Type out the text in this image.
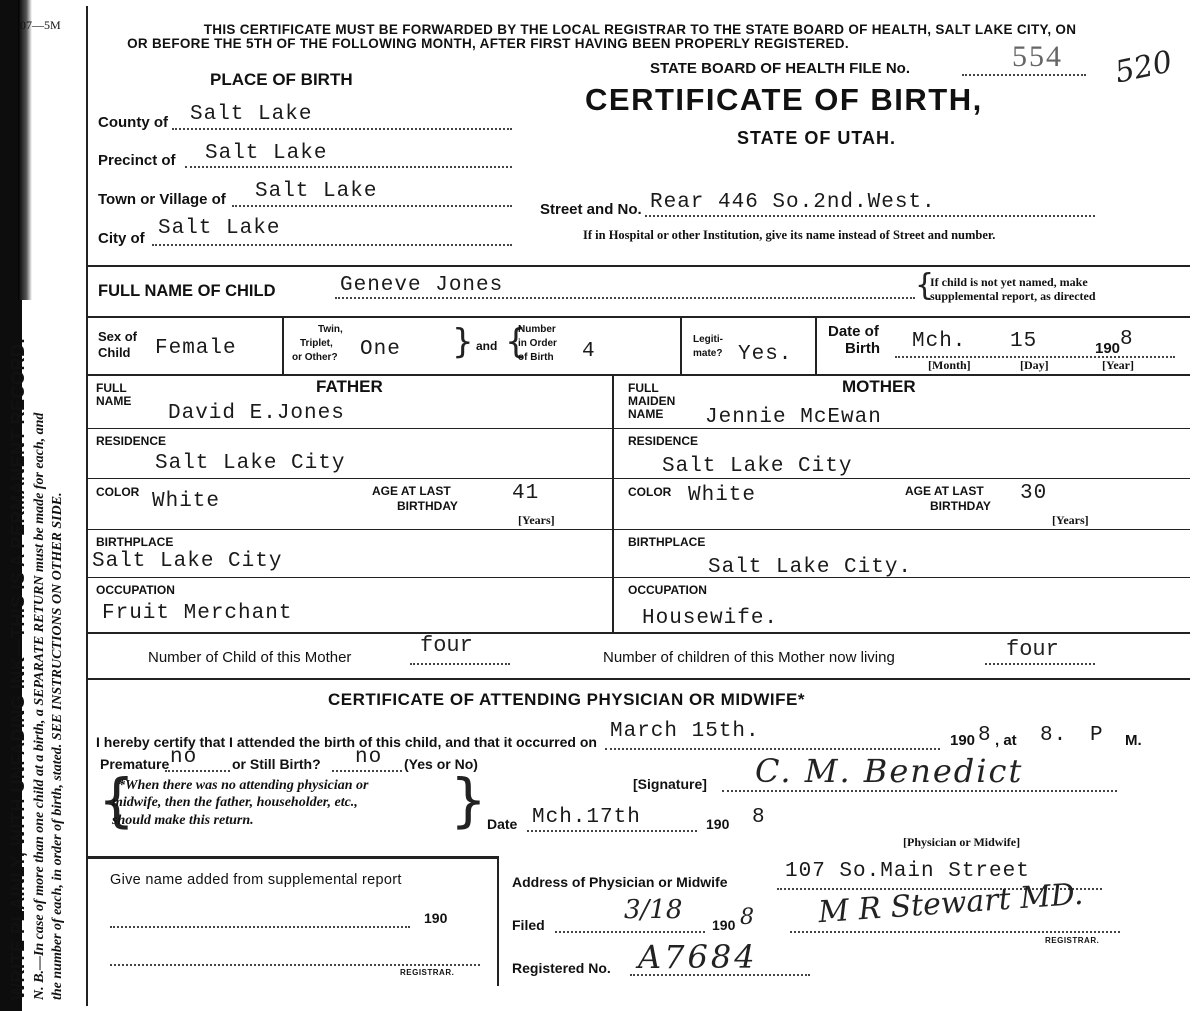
07—5M
WRITE PLAINLY, WITH UNFADING INK—THIS IS A PERMANENT RECORD. N. B.—In case of more than one child at a birth, a SEPARATE RETURN must be made for each, and the number of each, in order of birth, stated. SEE INSTRUCTIONS ON OTHER SIDE.
THIS CERTIFICATE MUST BE FORWARDED BY THE LOCAL REGISTRAR TO THE STATE BOARD OF HEALTH, SALT LAKE CITY, ON
OR BEFORE THE 5TH OF THE FOLLOWING MONTH, AFTER FIRST HAVING BEEN PROPERLY REGISTERED.
PLACE OF BIRTH
STATE BOARD OF HEALTH FILE No.	554 520
CERTIFICATE OF BIRTH,
STATE OF UTAH.
County of Salt Lake
Precinct of Salt Lake
Town or Village of Salt Lake
City of Salt Lake
Street and No. Rear 446 So.2nd.West.
If in Hospital or other Institution, give its name instead of Street and number.
FULL NAME OF CHILD	Geneve Jones	{
If child is not yet named, make
supplemental report, as directed
Sex of
Child Female
Twin,
Triplet,
or Other? One } and {
Number
in Order
of Birth 4
Legiti-
mate? Yes.
Date of
Birth Mch. 15	190 8
[Month]	[Day]	[Year]
FULL
NAME
FATHER
David E.Jones
RESIDENCE
Salt Lake City
COLOR White	AGE AT LAST
BIRTHDAY
41
[Years]
BIRTHPLACE
Salt Lake City
OCCUPATION
Fruit Merchant
FULL
MAIDEN
NAME
MOTHER
Jennie McEwan
RESIDENCE
Salt Lake City
COLOR White	AGE AT LAST
BIRTHDAY
30
[Years]
BIRTHPLACE
Salt Lake City.
OCCUPATION
Housewife.
Number of Child of this Mother	four	Number of children of this Mother now living	four
CERTIFICATE OF ATTENDING PHYSICIAN OR MIDWIFE*
I hereby certify that I attended the birth of this child, and that it occurred on March 15th.	190 8 , at 8. P M.
Premature no or Still Birth? no (Yes or No)
{
*When there was no attending physician or
midwife, then the father, householder, etc.,
should make this return.	}	[Signature] C. M. Benedict
Date Mch.17th	190 8
[Physician or Midwife]
Give name added from supplemental report
190
REGISTRAR.
Address of Physician or Midwife	107 So.Main Street
Filed	3/18 190 8 M R Stewart MD.
REGISTRAR.
Registered No. A7684
